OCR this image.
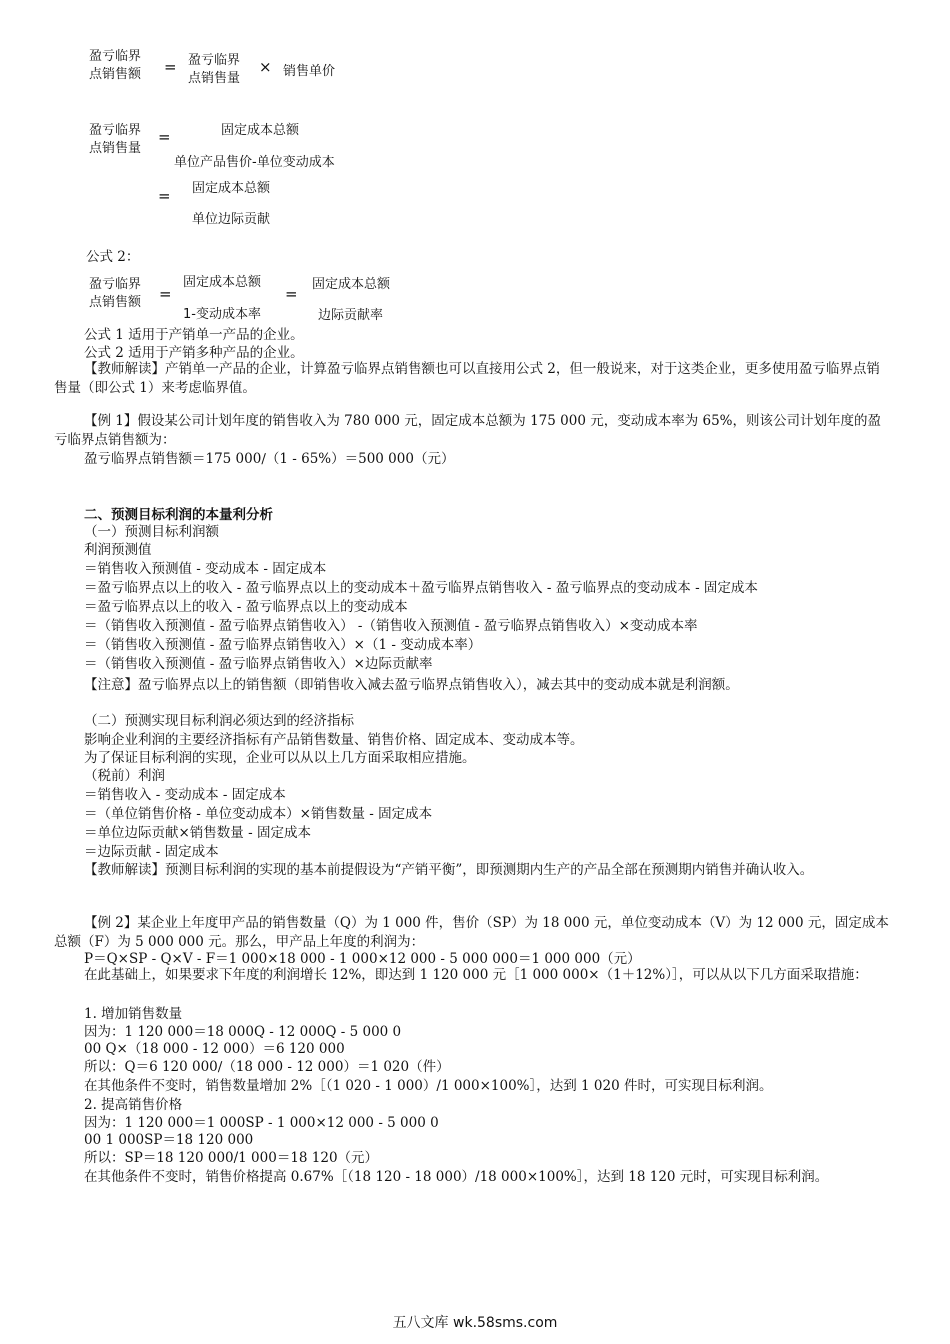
盈亏临界
点销售额 = 盈亏临界
点销售量
× 销售单价
盈亏临界
点销售量
=	固定成本总额
单位产品售价-单位变动成本
= 固定成本总额
单位边际贡献
公式 2：
盈亏临界
点销售额 =
固定成本总额
1-变动成本率
=
固定成本总额
边际贡献率
公式 1 适用于产销单一产品的企业。
公式 2 适用于产销多种产品的企业。
【教师解读】产销单一产品的企业，计算盈亏临界点销售额也可以直接用公式 2，但一般说来，对于这类企业，更多使用盈亏临界点销售量（即公式 1）来考虑临界值。
【例 1】假设某公司计划年度的销售收入为 780 000 元，固定成本总额为 175 000 元，变动成本率为 65%，则该公司计划年度的盈亏临界点销售额为：
盈亏临界点销售额＝175 000∕（1 - 65%）＝500 000（元）
二、预测目标利润的本量利分析
（一）预测目标利润额
利润预测值
＝销售收入预测值 - 变动成本 - 固定成本
＝盈亏临界点以上的收入 - 盈亏临界点以上的变动成本＋盈亏临界点销售收入 - 盈亏临界点的变动成本 - 固定成本
＝盈亏临界点以上的收入 - 盈亏临界点以上的变动成本
＝（销售收入预测值 - 盈亏临界点销售收入） -（销售收入预测值 - 盈亏临界点销售收入）×变动成本率
＝（销售收入预测值 - 盈亏临界点销售收入）×（1 - 变动成本率）
＝（销售收入预测值 - 盈亏临界点销售收入）×边际贡献率
【注意】盈亏临界点以上的销售额（即销售收入减去盈亏临界点销售收入），减去其中的变动成本就是利润额。
（二）预测实现目标利润必须达到的经济指标
影响企业利润的主要经济指标有产品销售数量、销售价格、固定成本、变动成本等。
为了保证目标利润的实现，企业可以从以上几方面采取相应措施。
（税前）利润
＝销售收入 - 变动成本 - 固定成本
＝（单位销售价格 - 单位变动成本）×销售数量 - 固定成本
＝单位边际贡献×销售数量 - 固定成本
＝边际贡献 - 固定成本
【教师解读】预测目标利润的实现的基本前提假设为“产销平衡”，即预测期内生产的产品全部在预测期内销售并确认收入。
【例 2】某企业上年度甲产品的销售数量（Q）为 1 000 件，售价（SP）为 18 000 元，单位变动成本（V）为 12 000 元，固定成本总额（F）为 5 000 000 元。那么，甲产品上年度的利润为：
P＝Q×SP - Q×V - F＝1 000×18 000 - 1 000×12 000 - 5 000 000＝1 000 000（元）
在此基础上，如果要求下年度的利润增长 12%，即达到 1 120 000 元［1 000 000×（1＋12%）］，可以从以下几方面采取措施：
1. 增加销售数量
因为：1 120 000＝18 000Q - 12 000Q - 5 000 0
00 Q×（18 000 - 12 000）＝6 120 000
所以：Q＝6 120 000∕（18 000 - 12 000）＝1 020（件）
在其他条件不变时，销售数量增加 2%［（1 020 - 1 000）/1 000×100%］，达到 1 020 件时，可实现目标利润。
2. 提高销售价格
因为：1 120 000＝1 000SP - 1 000×12 000 - 5 000 0
00 1 000SP＝18 120 000
所以：SP＝18 120 000/1 000＝18 120（元）
在其他条件不变时，销售价格提高 0.67%［（18 120 - 18 000）/18 000×100%］，达到 18 120 元时，可实现目标利润。
五八文库 wk.58sms.com
